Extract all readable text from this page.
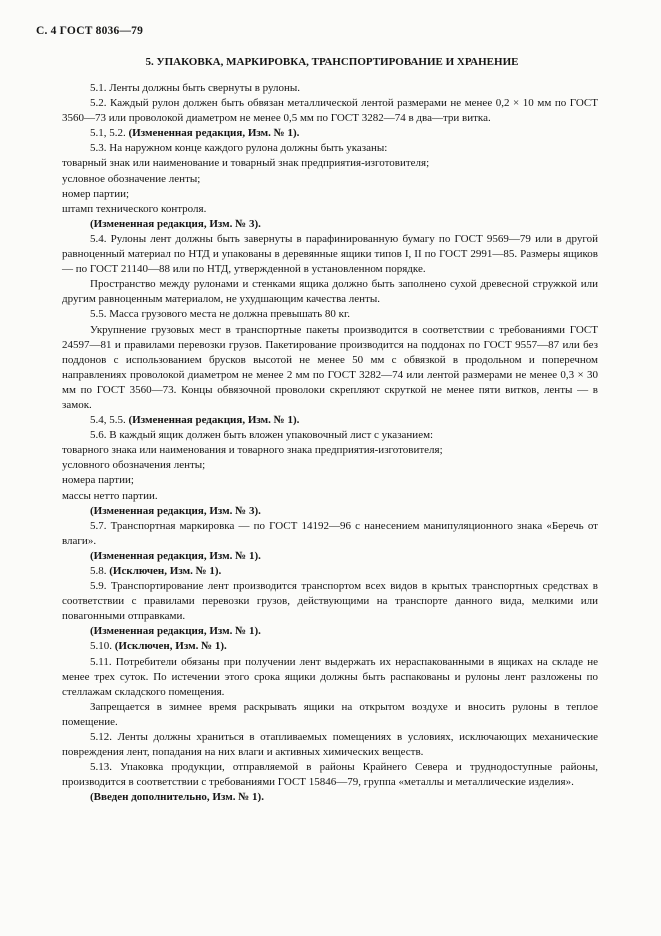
С. 4 ГОСТ 8036—79
5. УПАКОВКА, МАРКИРОВКА, ТРАНСПОРТИРОВАНИЕ И ХРАНЕНИЕ

5.1. Ленты должны быть свернуты в рулоны.

5.2. Каждый рулон должен быть обвязан металлической лентой размерами не менее 0,2 × 10 мм по ГОСТ 3560—73 или проволокой диаметром не менее 0,5 мм по ГОСТ 3282—74 в два—три витка.

5.1, 5.2. (Измененная редакция, Изм. № 1).

5.3. На наружном конце каждого рулона должны быть указаны:

товарный знак или наименование и товарный знак предприятия-изготовителя;

условное обозначение ленты;

номер партии;

штамп технического контроля.

(Измененная редакция, Изм. № 3).

5.4. Рулоны лент должны быть завернуты в парафинированную бумагу по ГОСТ 9569—79 или в другой равноценный материал по НТД и упакованы в деревянные ящики типов I, II по ГОСТ 2991—85. Размеры ящиков — по ГОСТ 21140—88 или по НТД, утвержденной в установленном порядке.

Пространство между рулонами и стенками ящика должно быть заполнено сухой древесной стружкой или другим равноценным материалом, не ухудшающим качества ленты.

5.5. Масса грузового места не должна превышать 80 кг.

Укрупнение грузовых мест в транспортные пакеты производится в соответствии с требованиями ГОСТ 24597—81 и правилами перевозки грузов. Пакетирование производится на поддонах по ГОСТ 9557—87 или без поддонов с использованием брусков высотой не менее 50 мм с обвязкой в продольном и поперечном направлениях проволокой диаметром не менее 2 мм по ГОСТ 3282—74 или лентой размерами не менее 0,3 × 30 мм по ГОСТ 3560—73. Концы обвязочной проволоки скрепляют скруткой не менее пяти витков, ленты — в замок.

5.4, 5.5. (Измененная редакция, Изм. № 1).

5.6. В каждый ящик должен быть вложен упаковочный лист с указанием:

товарного знака или наименования и товарного знака предприятия-изготовителя;

условного обозначения ленты;

номера партии;

массы нетто партии.

(Измененная редакция, Изм. № 3).

5.7. Транспортная маркировка — по ГОСТ 14192—96 с нанесением манипуляционного знака «Беречь от влаги».

(Измененная редакция, Изм. № 1).

5.8. (Исключен, Изм. № 1).

5.9. Транспортирование лент производится транспортом всех видов в крытых транспортных средствах в соответствии с правилами перевозки грузов, действующими на транспорте данного вида, мелкими или повагонными отправками.

(Измененная редакция, Изм. № 1).

5.10. (Исключен, Изм. № 1).

5.11. Потребители обязаны при получении лент выдержать их нераспакованными в ящиках на складе не менее трех суток. По истечении этого срока ящики должны быть распакованы и рулоны лент разложены по стеллажам складского помещения.

Запрещается в зимнее время раскрывать ящики на открытом воздухе и вносить рулоны в теплое помещение.

5.12. Ленты должны храниться в отапливаемых помещениях в условиях, исключающих механические повреждения лент, попадания на них влаги и активных химических веществ.

5.13. Упаковка продукции, отправляемой в районы Крайнего Севера и труднодоступные районы, производится в соответствии с требованиями ГОСТ 15846—79, группа «металлы и металлические изделия».

(Введен дополнительно, Изм. № 1).
